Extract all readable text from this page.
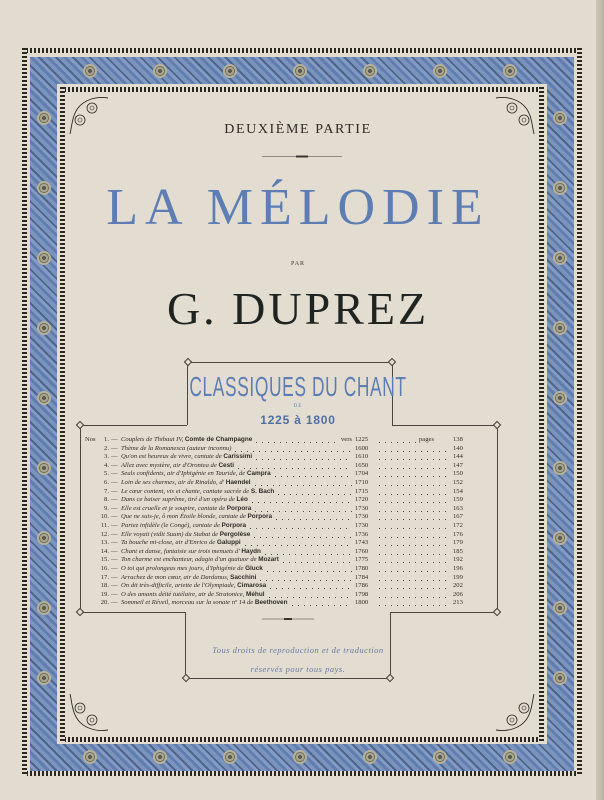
DEUXIÈME PARTIE
LA MÉLODIE
PAR
G. DUPREZ
CLASSIQUES DU CHANT
DE
1225 à 1800
Nos	1. — Couplets de Thibaut IV, Comte de Champagne	vers 1225	pages	138
2. — Thème de la Romanesca (auteur inconnu)	1600	140
3. — Qu'on est heureux de vivre, cantate de Carissimi	1610	144
4. — Allez avec mystère, air d'Orontea de Cesti	1650	147
5. — Seuls confidents, air d'Iphigénie en Tauride, de Campra	1704	150
6. — Loin de ses charmes, air de Rinaldo, d' Haendel	1710	152
7. — Le cœur content, vis et chante, cantate sacrée de S. Bach	1715	154
8. — Dans ce baiser suprême, tiré d'un opéra de Léo	1720	159
9. — Elle est cruelle et je soupire, cantate de Porpora	1730	163
10. — Que ne suis-je, ô mon Étoile blonde, cantate de Porpora	1730	167
11. — Partez infidèle (le Congé), cantate de Porpora	1730	172
12. — Elle voyait (vidit Suum) du Stabat de Pergolèse	1736	176
13. — Ta bouche mi-close, air d'Enrico de Galuppi	1743	179
14. — Chant et danse, fantaisie sur trois menuets d' Haydn	1760	185
15. — Ton charme est enchanteur, adagio d'un quatuor de Mozart	1775	192
16. — O toi qui prolongeas mes jours, d'Iphigénie de Gluck	1780	196
17. — Arrachez de mon cœur, air de Dardanus, Sacchini	1784	199
18. — On dit très-difficile, ariette de l'Olympiade, Cimarosa	1786	202
19. — O des amants déité tutélaire, air de Stratonice, Méhul	1798	206
20. — Sommeil et Réveil, morceau sur la sonate nº 14 de Beethoven	1800	213
Tous droits de reproduction et de traduction
réservés pour tous pays.
